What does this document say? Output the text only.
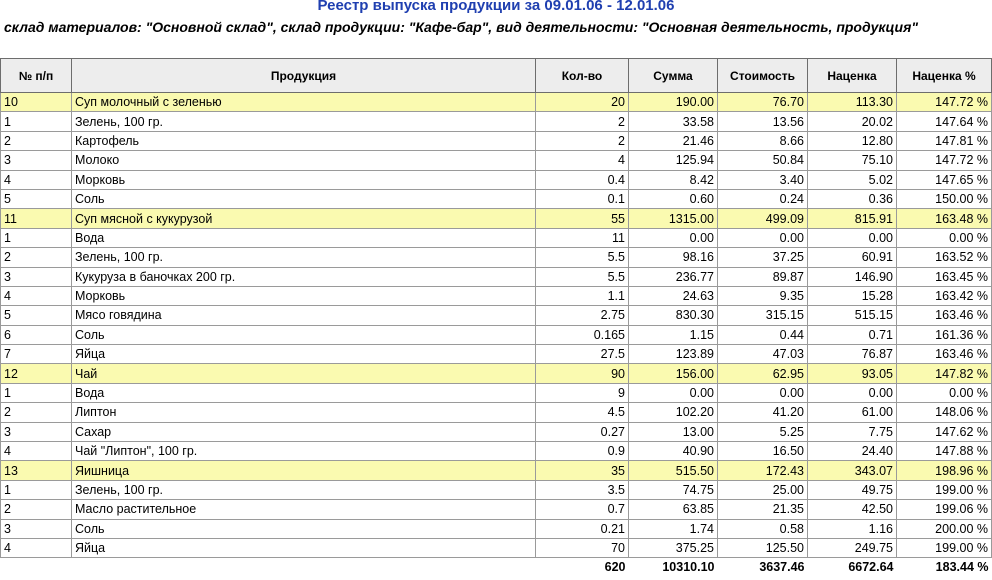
Реестр выпуска продукции за 09.01.06 - 12.01.06
склад материалов: "Основной склад", склад продукции: "Кафе-бар", вид деятельности: "Основная деятельность, продукция"
№ п/п	Продукция	Кол-во	Сумма	Стоимость	Наценка	Наценка %
10	Суп молочный с зеленью	20	190.00	76.70	113.30	147.72 %
1	Зелень, 100 гр.	2	33.58	13.56	20.02	147.64 %
2	Картофель	2	21.46	8.66	12.80	147.81 %
3	Молоко	4	125.94	50.84	75.10	147.72 %
4	Морковь	0.4	8.42	3.40	5.02	147.65 %
5	Соль	0.1	0.60	0.24	0.36	150.00 %
11	Суп мясной с кукурузой	55	1315.00	499.09	815.91	163.48 %
1	Вода	11	0.00	0.00	0.00	0.00 %
2	Зелень, 100 гр.	5.5	98.16	37.25	60.91	163.52 %
3	Кукуруза в баночках 200 гр.	5.5	236.77	89.87	146.90	163.45 %
4	Морковь	1.1	24.63	9.35	15.28	163.42 %
5	Мясо говядина	2.75	830.30	315.15	515.15	163.46 %
6	Соль	0.165	1.15	0.44	0.71	161.36 %
7	Яйца	27.5	123.89	47.03	76.87	163.46 %
12	Чай	90	156.00	62.95	93.05	147.82 %
1	Вода	9	0.00	0.00	0.00	0.00 %
2	Липтон	4.5	102.20	41.20	61.00	148.06 %
3	Сахар	0.27	13.00	5.25	7.75	147.62 %
4	Чай "Липтон", 100 гр.	0.9	40.90	16.50	24.40	147.88 %
13	Яишница	35	515.50	172.43	343.07	198.96 %
1	Зелень, 100 гр.	3.5	74.75	25.00	49.75	199.00 %
2	Масло растительное	0.7	63.85	21.35	42.50	199.06 %
3	Соль	0.21	1.74	0.58	1.16	200.00 %
4	Яйца	70	375.25	125.50	249.75	199.00 %
		620	10310.10	3637.46	6672.64	183.44 %
